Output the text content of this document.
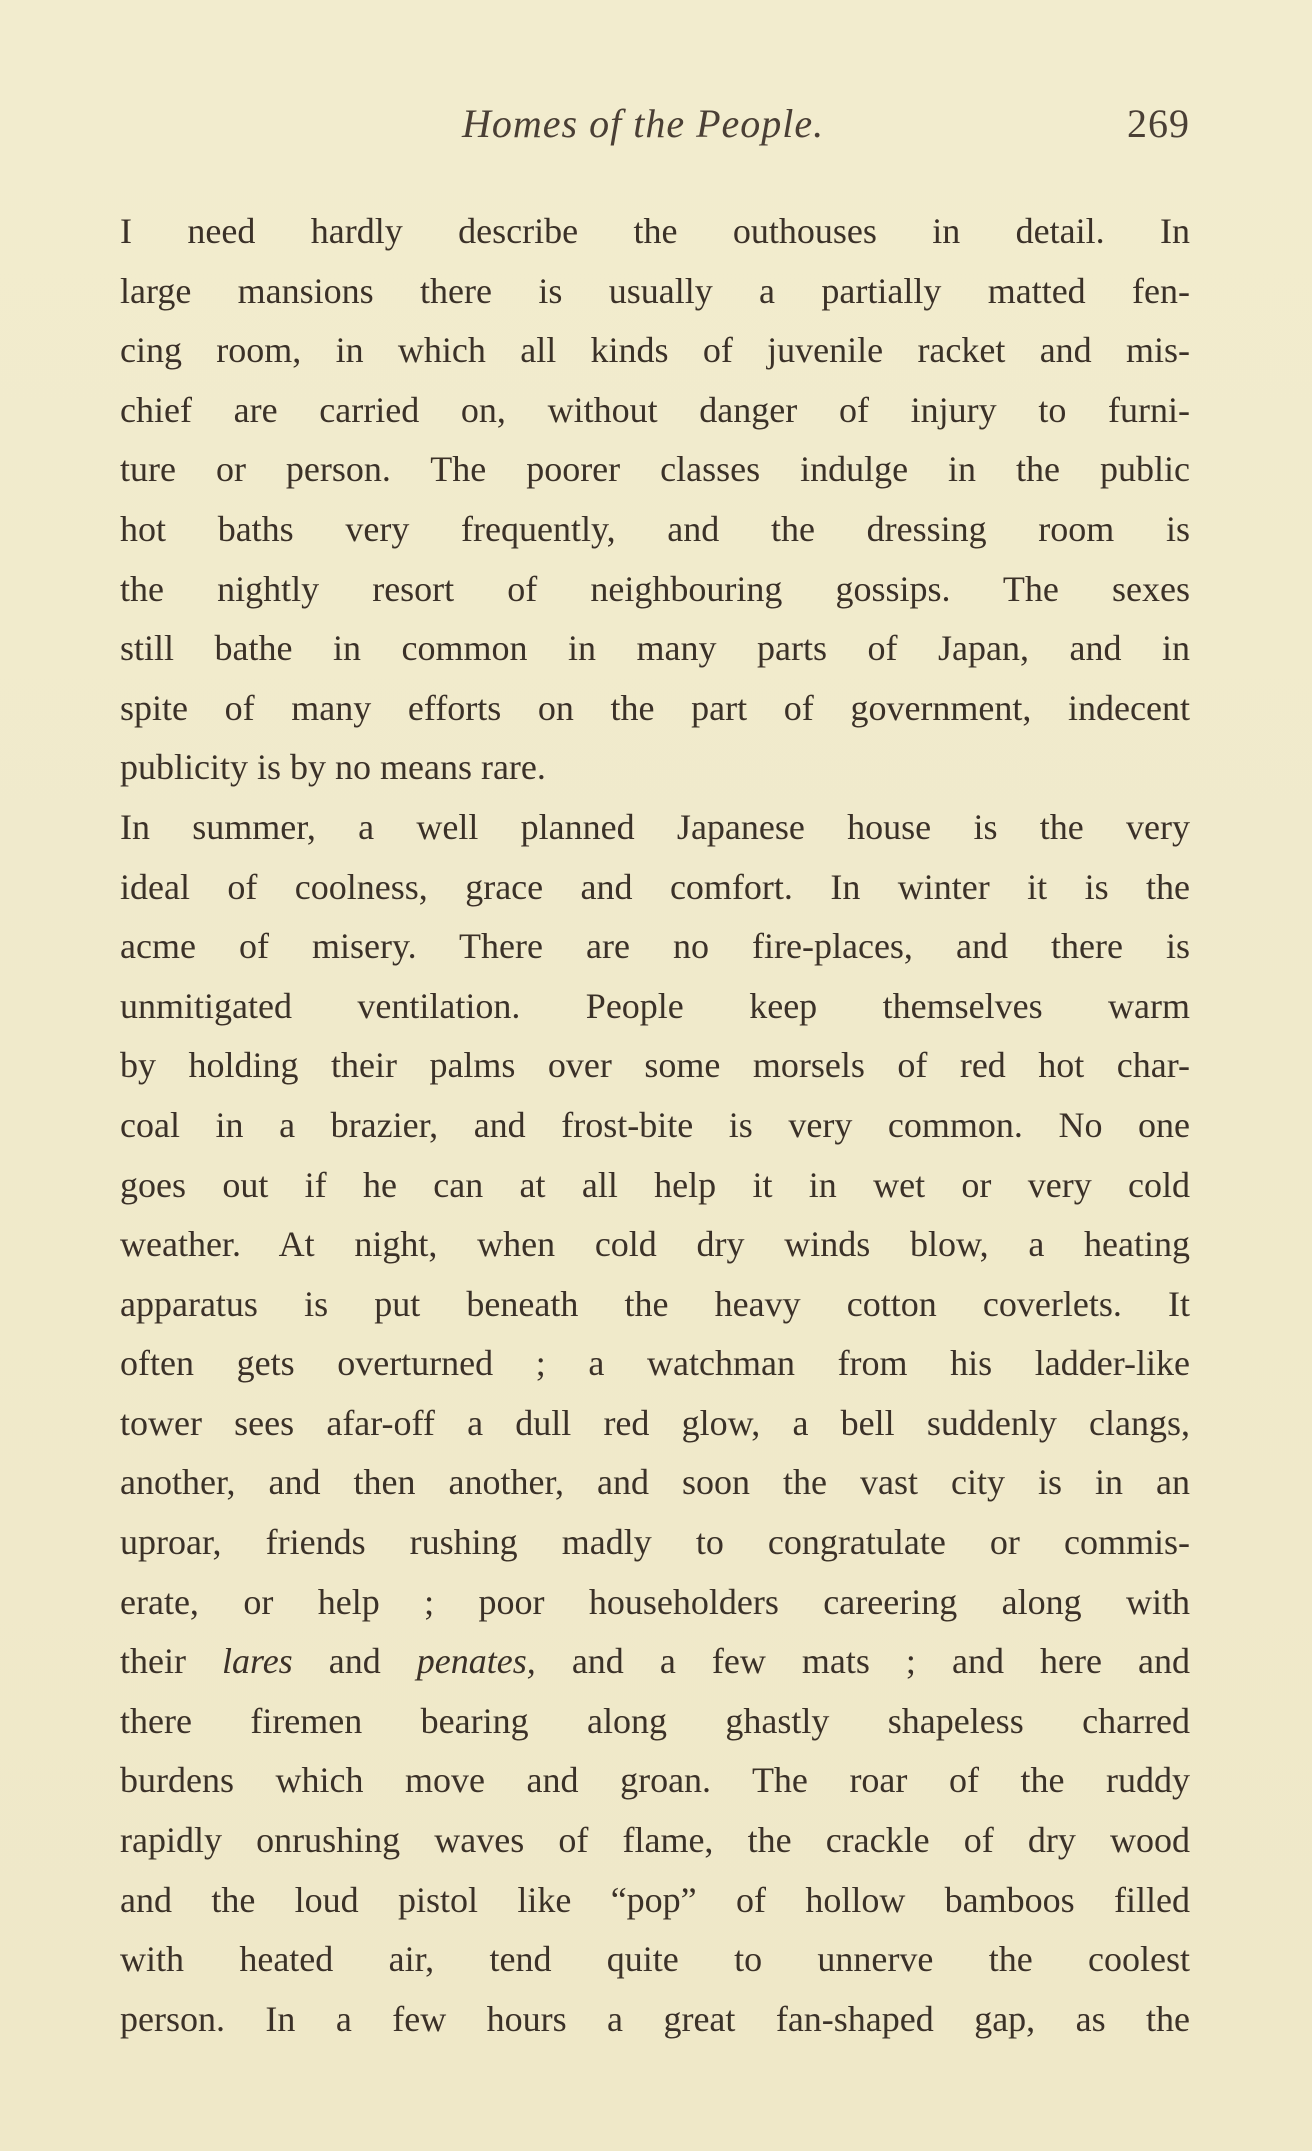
Homes of the People.	269
I need hardly describe the outhouses in detail. In
large mansions there is usually a partially matted fen-
cing room, in which all kinds of juvenile racket and mis-
chief are carried on, without danger of injury to furni-
ture or person. The poorer classes indulge in the public
hot baths very frequently, and the dressing room is
the nightly resort of neighbouring gossips. The sexes
still bathe in common in many parts of Japan, and in
spite of many efforts on the part of government, indecent
publicity is by no means rare.
In summer, a well planned Japanese house is the very
ideal of coolness, grace and comfort. In winter it is the
acme of misery. There are no fire-places, and there is
unmitigated ventilation. People keep themselves warm
by holding their palms over some morsels of red hot char-
coal in a brazier, and frost-bite is very common. No one
goes out if he can at all help it in wet or very cold
weather. At night, when cold dry winds blow, a heating
apparatus is put beneath the heavy cotton coverlets. It
often gets overturned ; a watchman from his ladder-like
tower sees afar-off a dull red glow, a bell suddenly clangs,
another, and then another, and soon the vast city is in an
uproar, friends rushing madly to congratulate or commis-
erate, or help ; poor householders careering along with
their lares and penates, and a few mats ; and here and
there firemen bearing along ghastly shapeless charred
burdens which move and groan. The roar of the ruddy
rapidly onrushing waves of flame, the crackle of dry wood
and the loud pistol like “pop” of hollow bamboos filled
with heated air, tend quite to unnerve the coolest
person. In a few hours a great fan-shaped gap, as the
